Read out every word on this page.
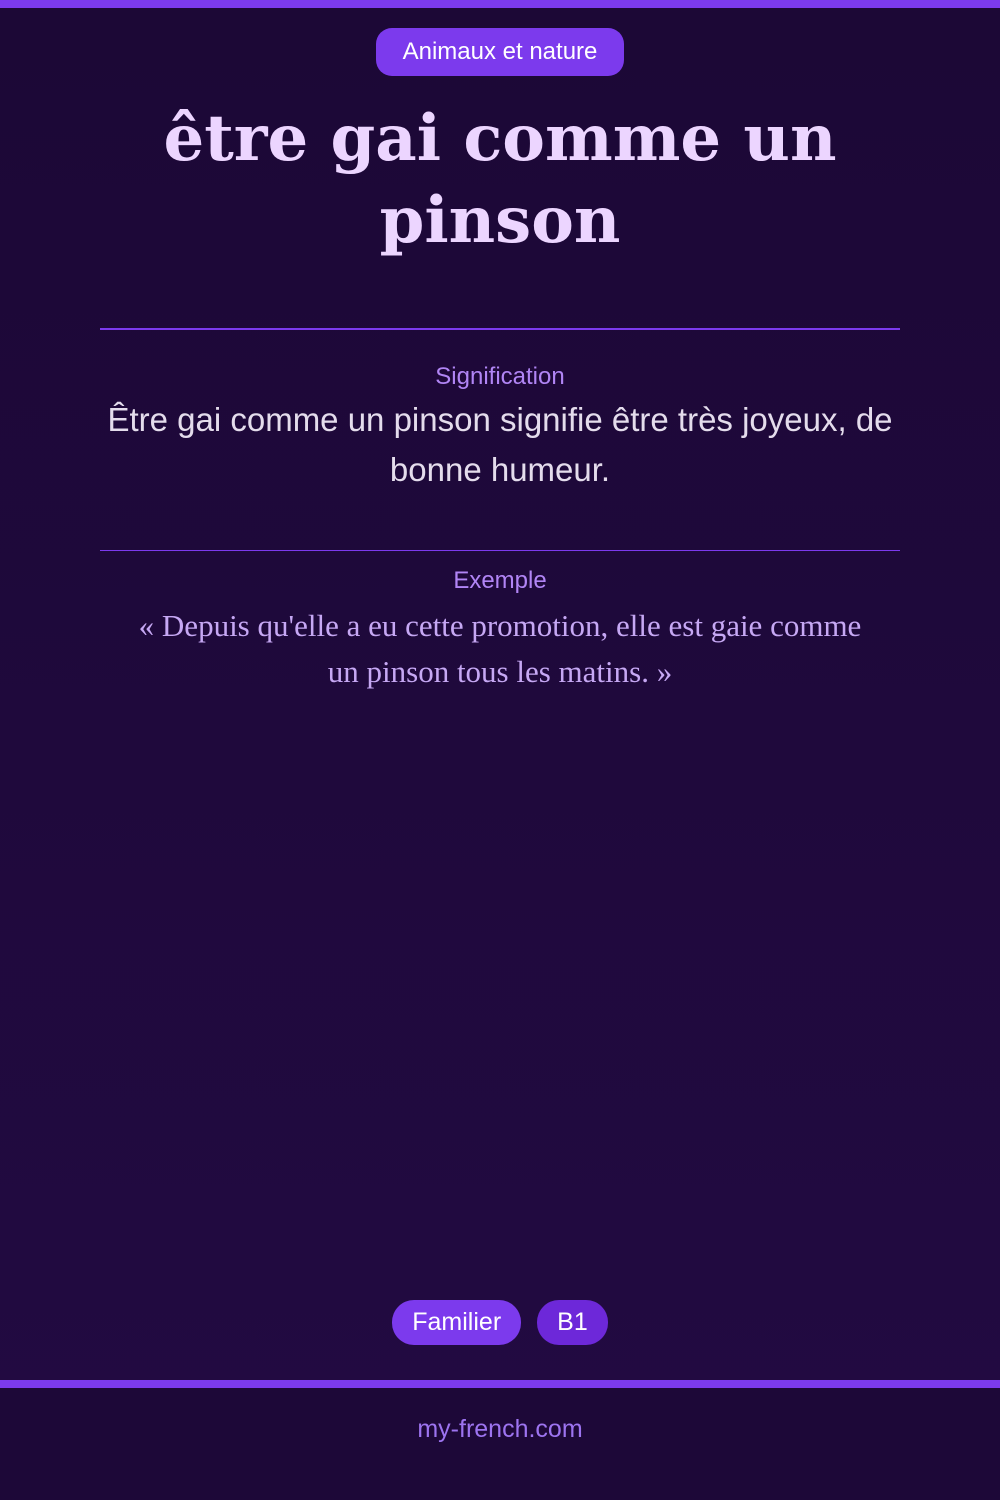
Animaux et nature
être gai comme un pinson
Signification

Être gai comme un pinson signifie être très joyeux, de bonne humeur.

Exemple

« Depuis qu'elle a eu cette promotion, elle est gaie comme un pinson tous les matins. »

Familier	B1
my-french.com
